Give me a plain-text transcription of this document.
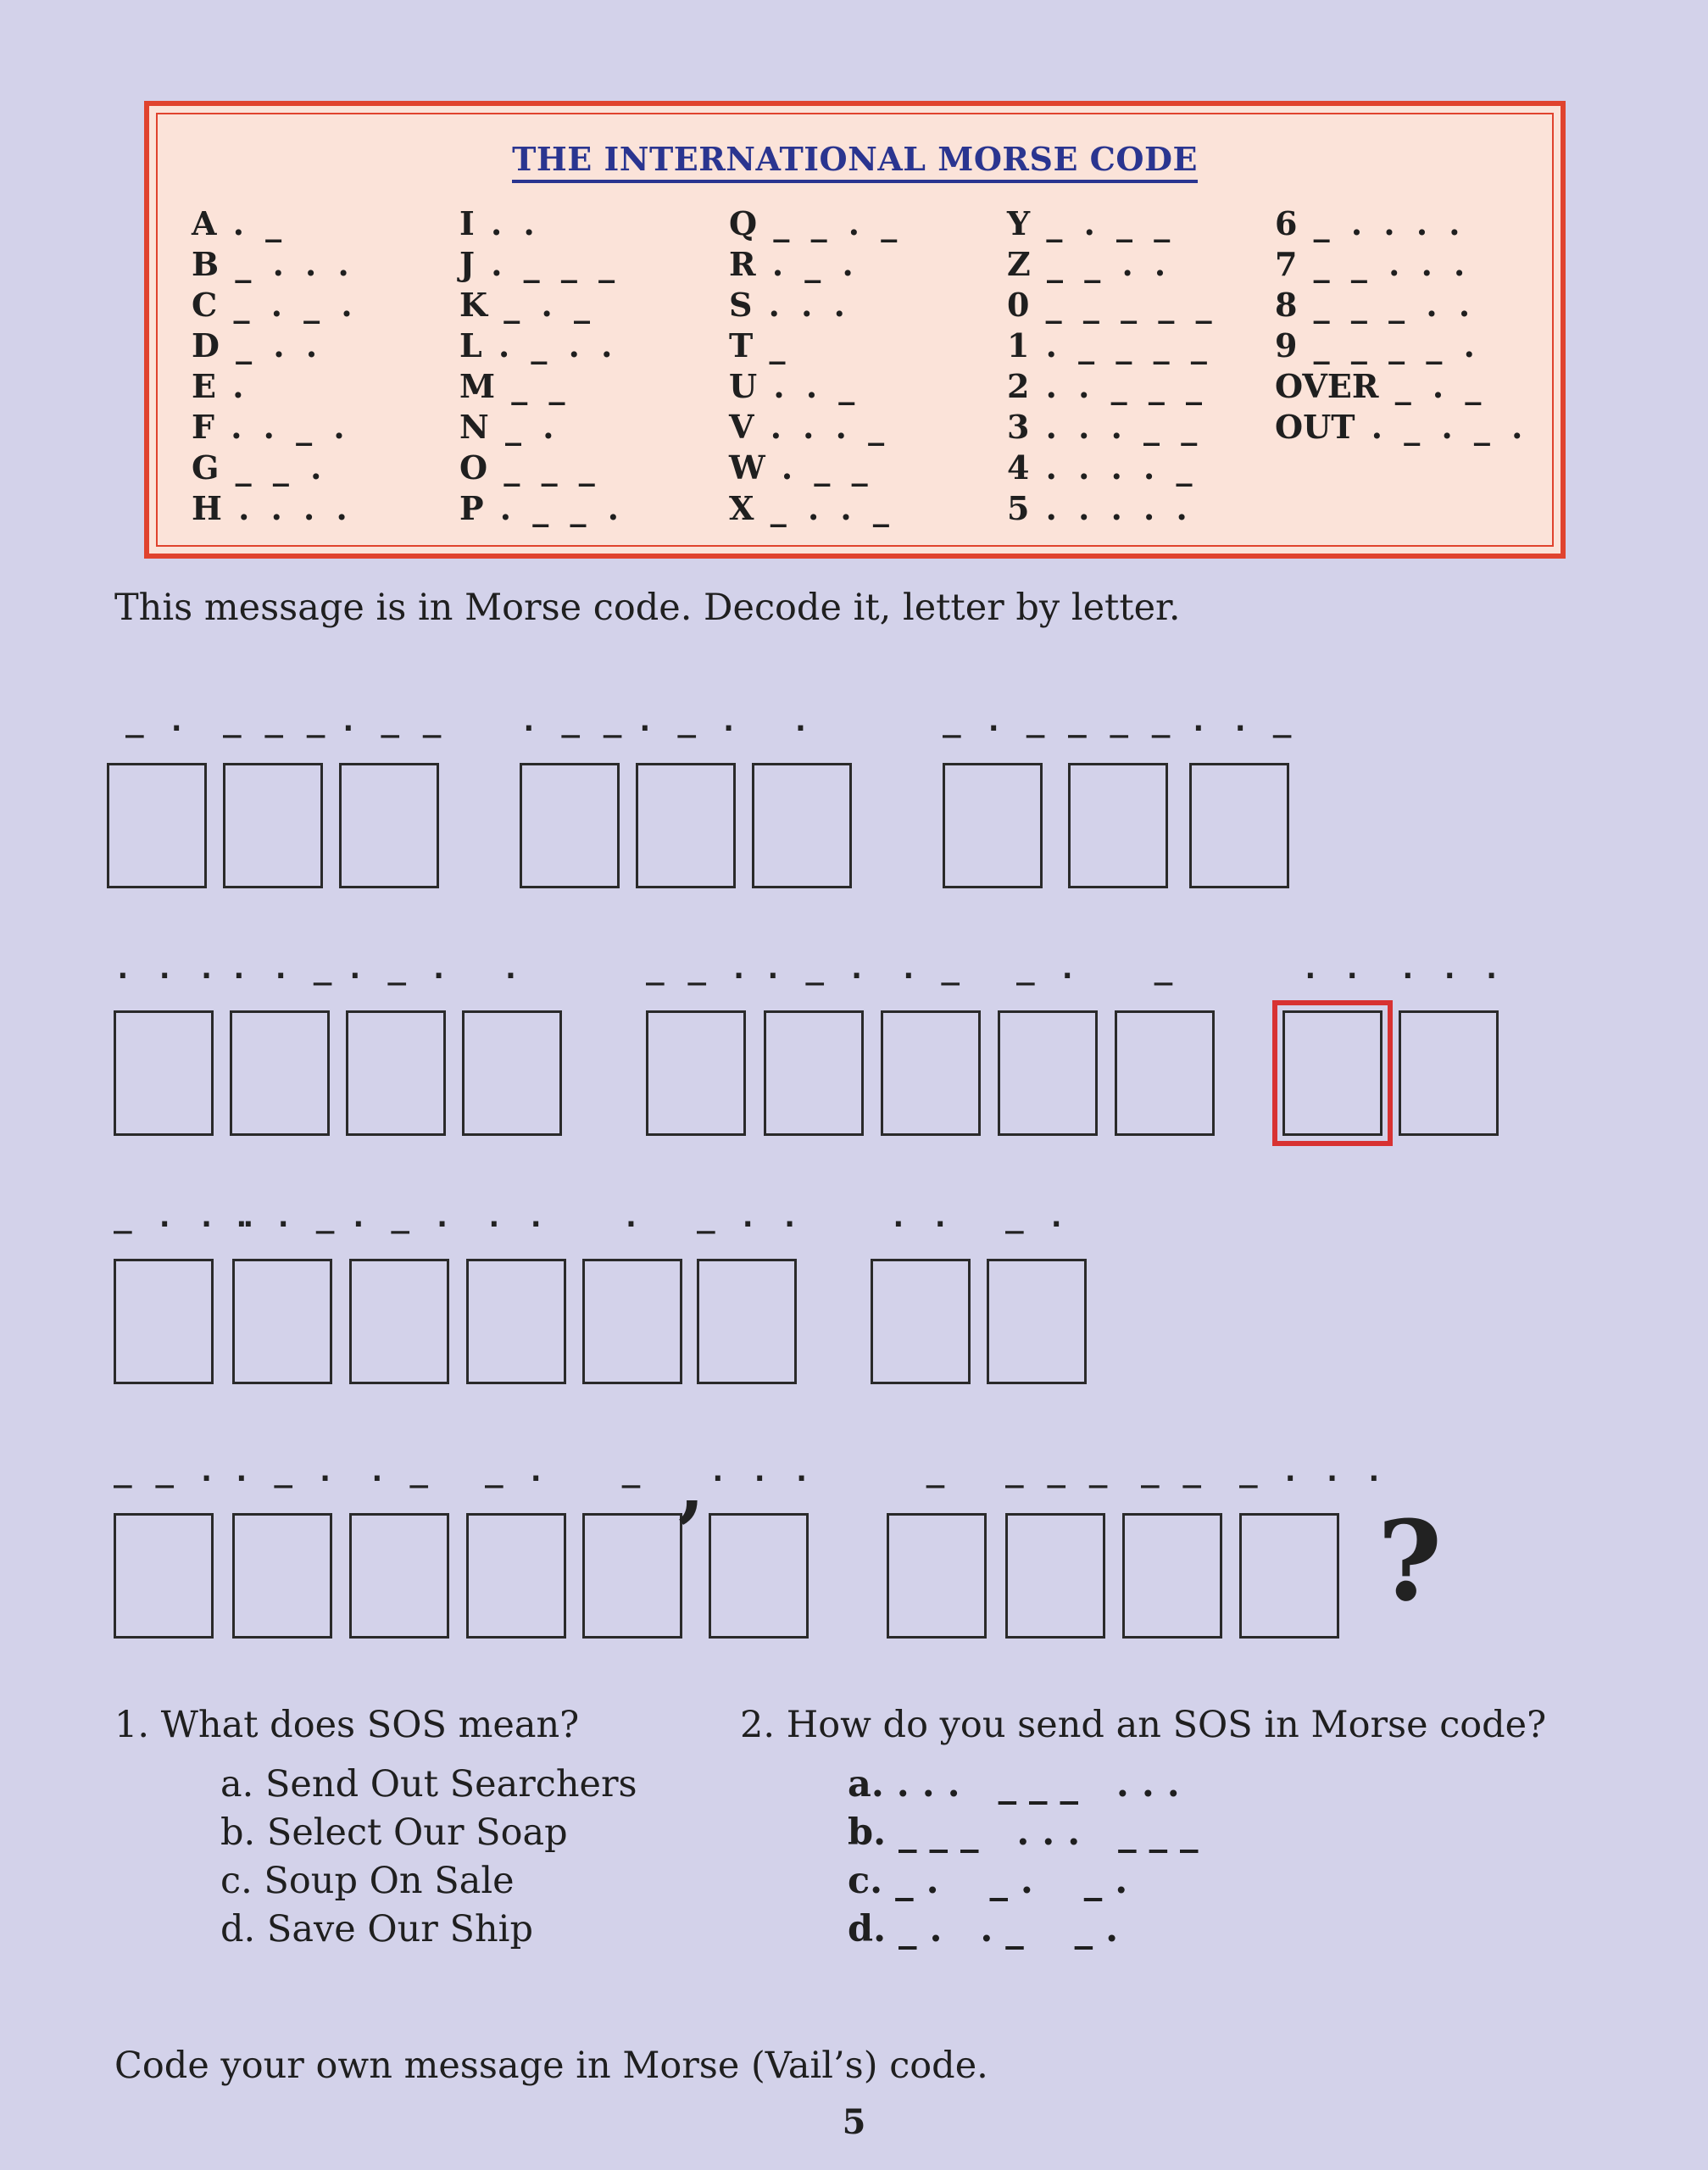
THE INTERNATIONAL MORSE CODE
A . _
B _ . . .
C _ . _ .
D _ . .
E .
F . . _ .
G _ _ .
H . . . .
I . .
J . _ _ _
K _ . _
L . _ . .
M _ _
N _ .
O _ _ _
P . _ _ .
Q _ _ . _
R . _ .
S . . .
T _
U . . _
V . . . _
W . _ _
X _ . . _
Y _ . _ _
Z _ _ . .
0 _ _ _ _ _
1 . _ _ _ _
2 . . _ _ _
3 . . . _ _
4 . . . . _
5 . . . . .
6 _ . . . .
7 _ _ . . .
8 _ _ _ . .
9 _ _ _ _ .
OVER _ . _
OUT . _ . _ .
This message is in Morse code. Decode it, letter by letter.
_ .	_ _ _ . _ _ . _ _ . _ .	.	_ . _ _
_ _ _ . . _
. . . . . _ . _ .	.	_ _ . . _ .	. _	_ .	_	. .	. . .
_ . . .
. . _ . _ .	. .	.	_ . .	. .	_ .
_ _ . . _ .	. _	_ .	_	. . .	_	_ _ _	_ _	_ . . .
,
?
1. What does SOS mean?
a. Send Out Searchers
b. Select Our Soap
c. Soup On Sale
d. Save Our Ship
2. How do you send an SOS in Morse code?
a. . . .   _ _ _   . . .
b. _ _ _   . . .   _ _ _
c. _ .    _ .    _ .
d. _ .   . _    _ .
Code your own message in Morse (Vail’s) code.
5
